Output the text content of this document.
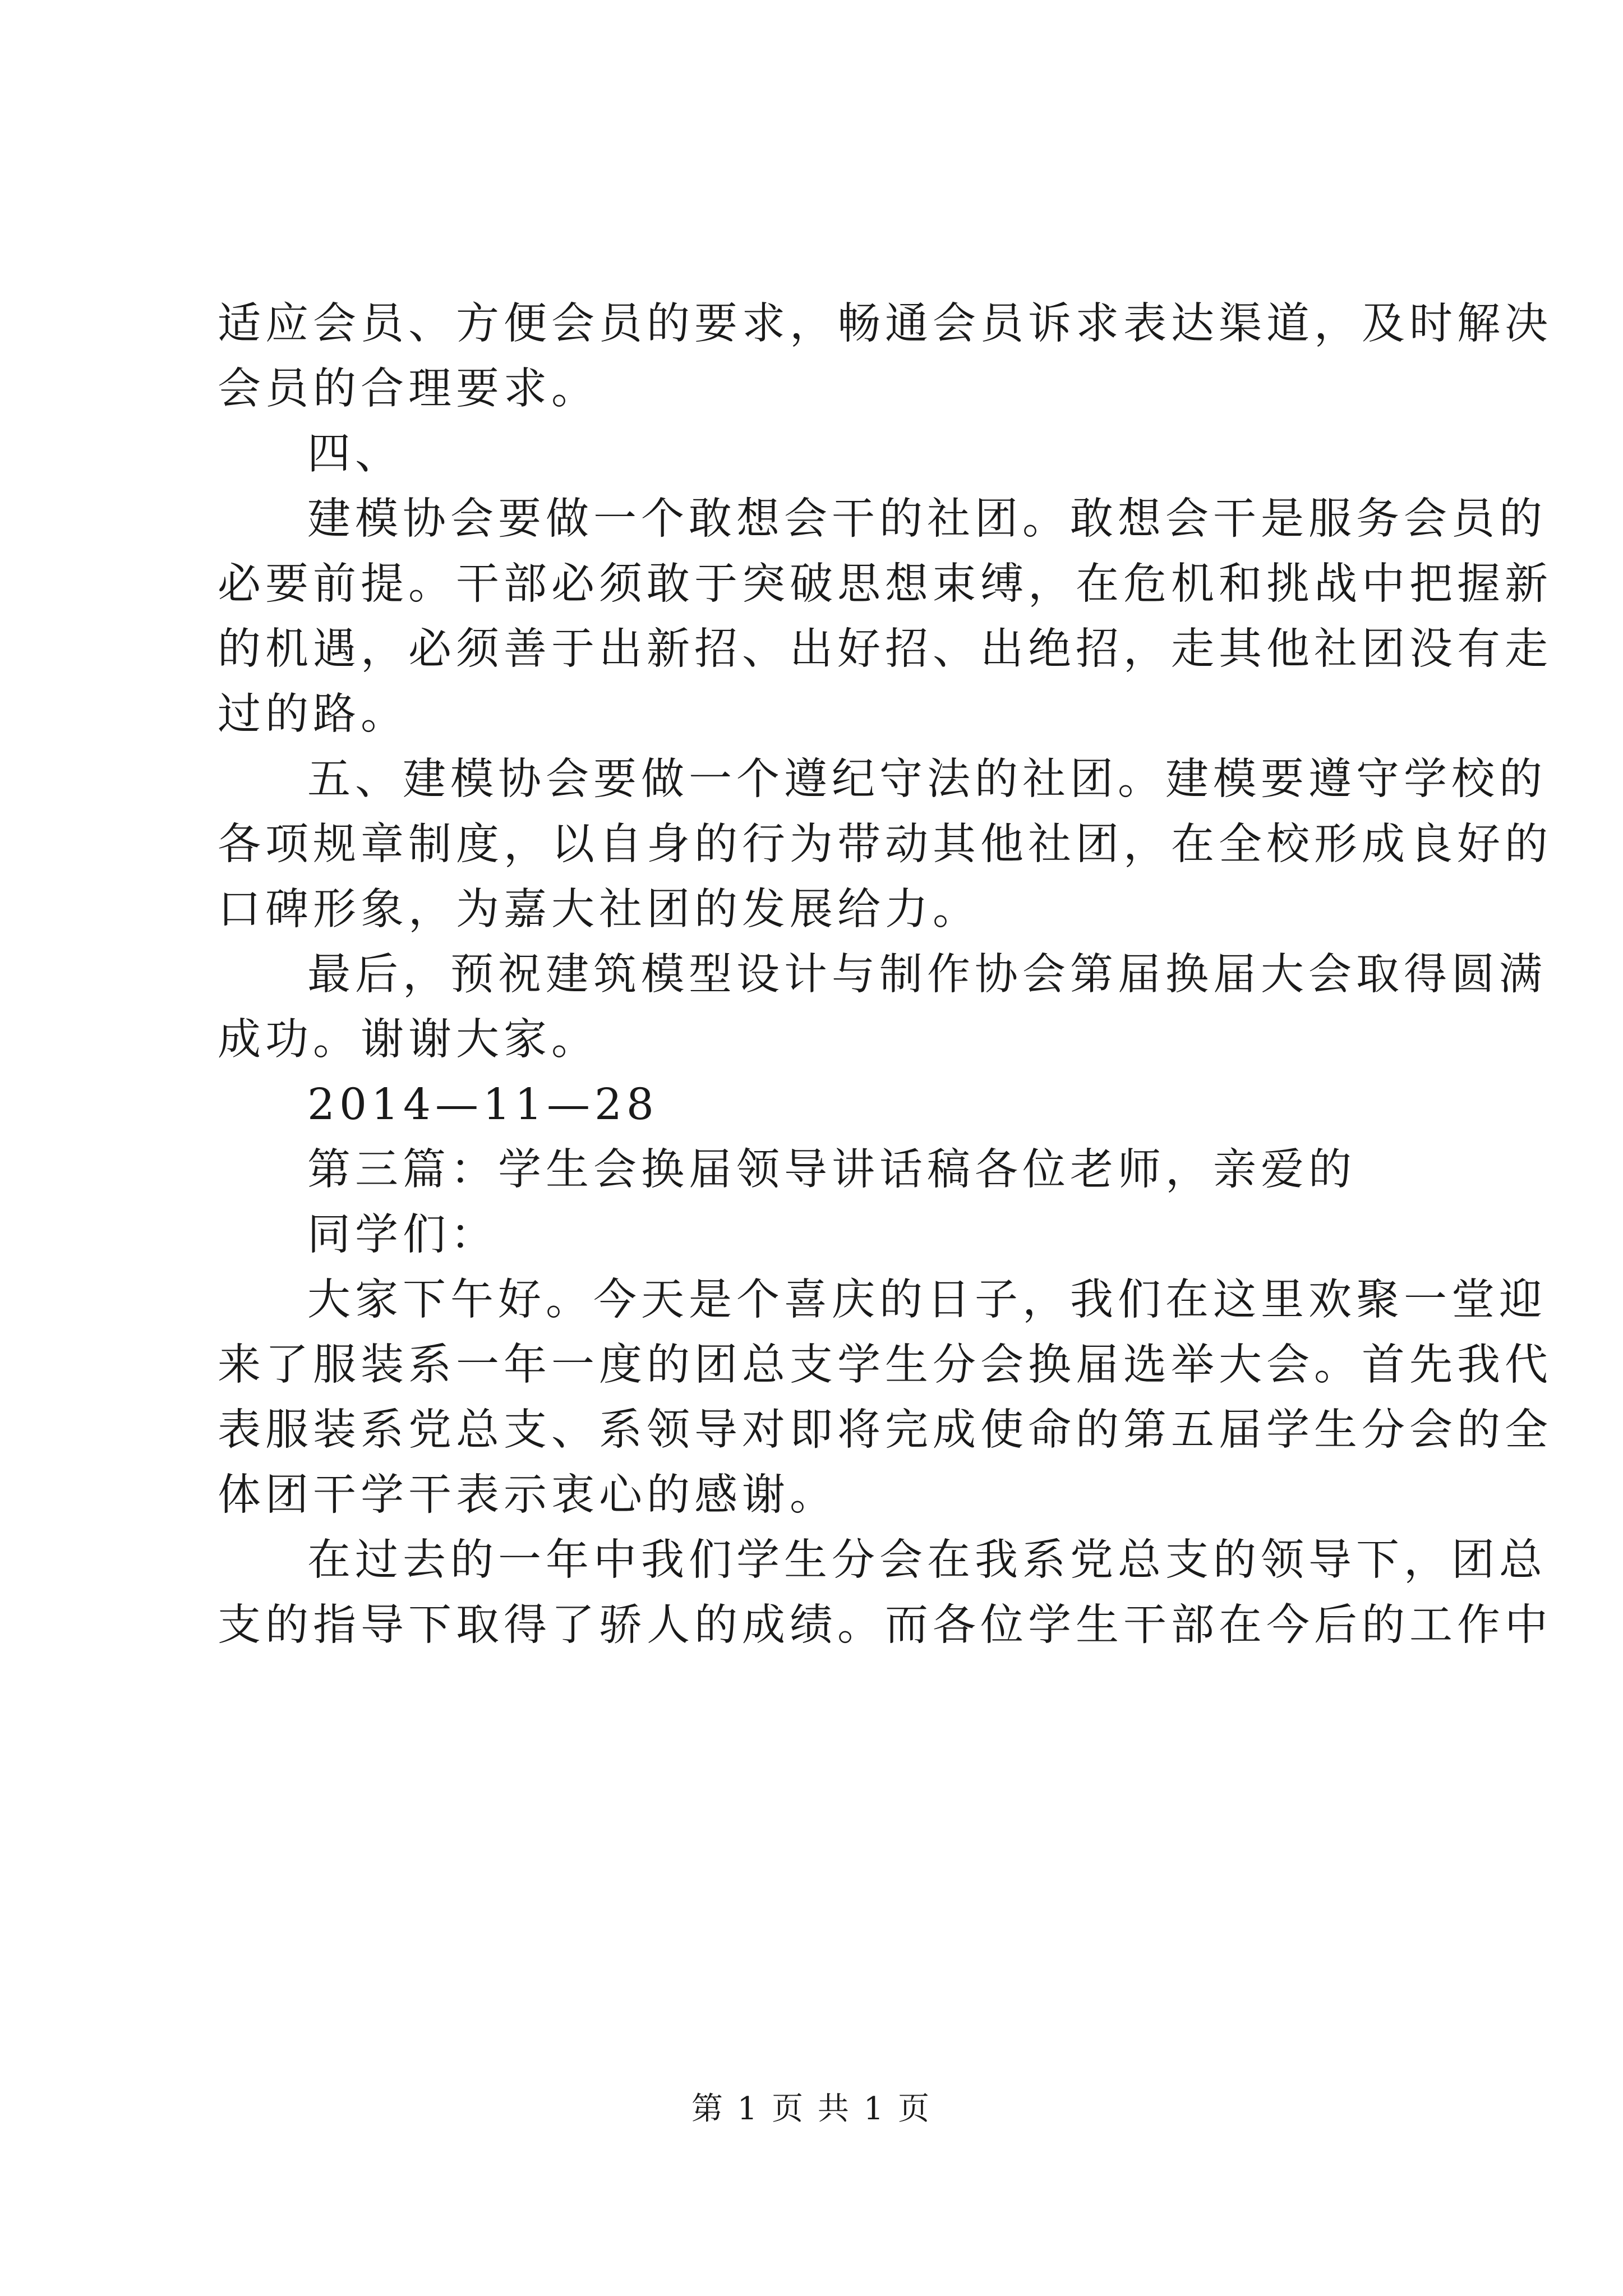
适应会员、方便会员的要求，畅通会员诉求表达渠道，及时解决

会员的合理要求。

四、

建模协会要做一个敢想会干的社团。敢想会干是服务会员的

必要前提。干部必须敢于突破思想束缚，在危机和挑战中把握新

的机遇，必须善于出新招、出好招、出绝招，走其他社团没有走

过的路。

五、建模协会要做一个遵纪守法的社团。建模要遵守学校的

各项规章制度，以自身的行为带动其他社团，在全校形成良好的

口碑形象，为嘉大社团的发展给力。

最后，预祝建筑模型设计与制作协会第届换届大会取得圆满

成功。谢谢大家。

2014—11—28

第三篇：学生会换届领导讲话稿各位老师，亲爱的

同学们：

大家下午好。今天是个喜庆的日子，我们在这里欢聚一堂迎

来了服装系一年一度的团总支学生分会换届选举大会。首先我代

表服装系党总支、系领导对即将完成使命的第五届学生分会的全

体团干学干表示衷心的感谢。

在过去的一年中我们学生分会在我系党总支的领导下，团总

支的指导下取得了骄人的成绩。而各位学生干部在今后的工作中

第 1 页 共 1 页
